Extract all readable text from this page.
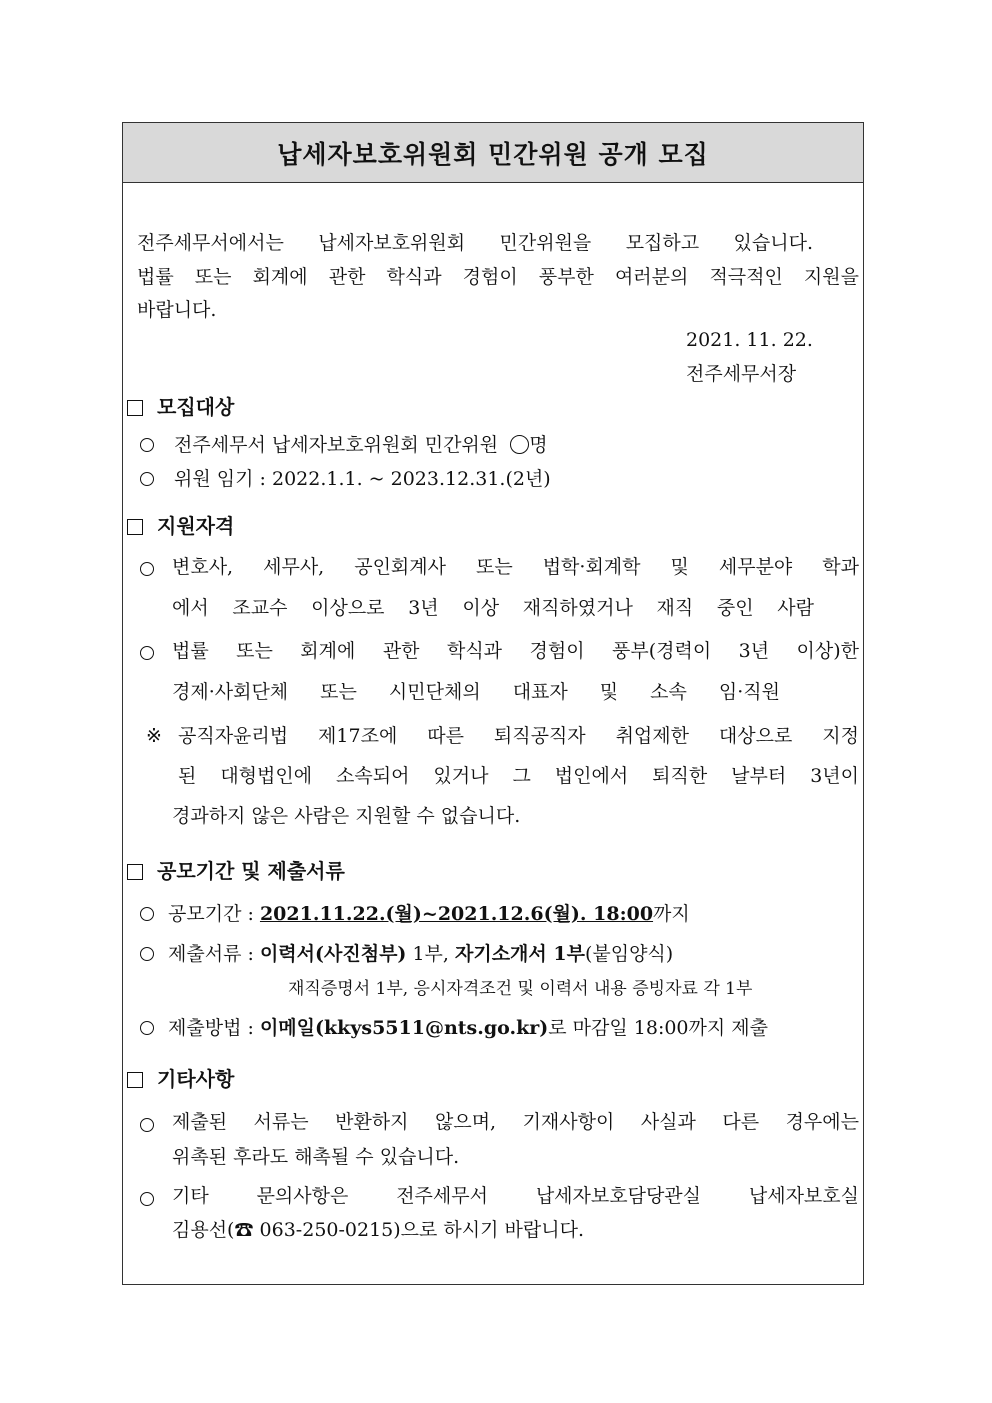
납세자보호위원회 민간위원 공개 모집
전주세무서에서는 납세자보호위원회 민간위원을 모집하고 있습니다.
법률 또는 회계에 관한 학식과 경험이 풍부한 여러분의 적극적인 지원을
바랍니다.
2021. 11. 22.
전주세무서장
모집대상
전주세무서 납세자보호위원회 민간위원 명
위원 임기 : 2022.1.1. ~ 2023.12.31.(2년)
지원자격
변호사, 세무사, 공인회계사 또는 법학·회계학 및 세무분야 학과
에서 조교수 이상으로 3년 이상 재직하였거나 재직 중인 사람
법률 또는 회계에 관한 학식과 경험이 풍부(경력이 3년 이상)한
경제·사회단체 또는 시민단체의 대표자 및 소속 임·직원
※ 공직자윤리법 제17조에 따른 퇴직공직자 취업제한 대상으로 지정
된 대형법인에 소속되어 있거나 그 법인에서 퇴직한 날부터 3년이
경과하지 않은 사람은 지원할 수 없습니다.
공모기간 및 제출서류
공모기간 : 2021.11.22.(월)~2021.12.6(월). 18:00까지
제출서류 : 이력서(사진첨부) 1부, 자기소개서 1부(붙임양식)
재직증명서 1부, 응시자격조건 및 이력서 내용 증빙자료 각 1부
제출방법 : 이메일(kkys5511@nts.go.kr)로 마감일 18:00까지 제출
기타사항
제출된 서류는 반환하지 않으며, 기재사항이 사실과 다른 경우에는
위촉된 후라도 해촉될 수 있습니다.
기타 문의사항은 전주세무서 납세자보호담당관실 납세자보호실
김용선(☎ 063-250-0215)으로 하시기 바랍니다.
